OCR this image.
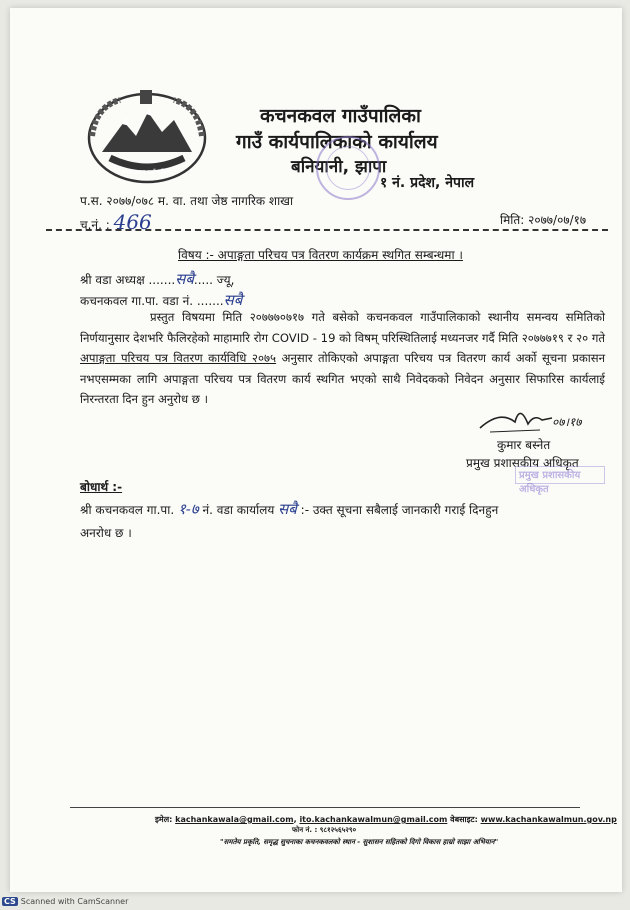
कचनकवल गाउँपालिका
कचनकवल गाउँपालिका
गाउँ कार्यपालिकाको कार्यालय
बनियानी, झापा
१ नं. प्रदेश, नेपाल
प.स. २०७७/०७८ म. वा. तथा जेष्ठ नागरिक शाखा
च.नं. : 466	मिति: २०७७/०७/१७
विषय :- अपाङ्गता परिचय पत्र वितरण कार्यक्रम स्थगित सम्बन्धमा ।
श्री वडा अध्यक्ष .......सबै..... ज्यू,
कचनकवल गा.पा. वडा नं. .......सबै
प्रस्तुत विषयमा मिति २०७७७०७१७ गते बसेको कचनकवल गाउँपालिकाको स्थानीय समन्वय समितिको निर्णयानुसार देशभरि फैलिरहेको माहामारि रोग COVID - 19 को विषम् परिस्थितिलाई मध्यनजर गर्दै मिति २०७७७१९ र २० गते अपाङ्गता परिचय पत्र वितरण कार्यविधि २०७५ अनुसार तोकिएको अपाङ्गता परिचय पत्र वितरण कार्य अर्को सूचना प्रकासन नभएसम्मका लागि अपाङ्गता परिचय पत्र वितरण कार्य स्थगित भएको साथै निवेदकको निवेदन अनुसार सिफारिस कार्यलाई निरन्तरता दिन हुन अनुरोध छ ।
०७।१७
कुमार बस्नेत
प्रमुख प्रशासकीय अधिकृत
प्रमुख प्रशासकीय अधिकृत
बोधार्थ :-
श्री कचनकवल गा.पा. १-७ नं. वडा कार्यालय सबै :- उक्त सूचना सबैलाई जानकारी गराई दिनहुन
अनरोध छ ।
इमेल: kachankawala@gmail.com, ito.kachankawalmun@gmail.com वेबसाइट: www.kachankawalmun.gov.np
फोन नं. : ९८१२५६५२९०
"समतेय प्रकृति, समृद्ध सुचनाका कचनकवलको स्थान - सुशासन सहितको दिगो विकास हाम्रो साझा अभियान"
CS Scanned with CamScanner
